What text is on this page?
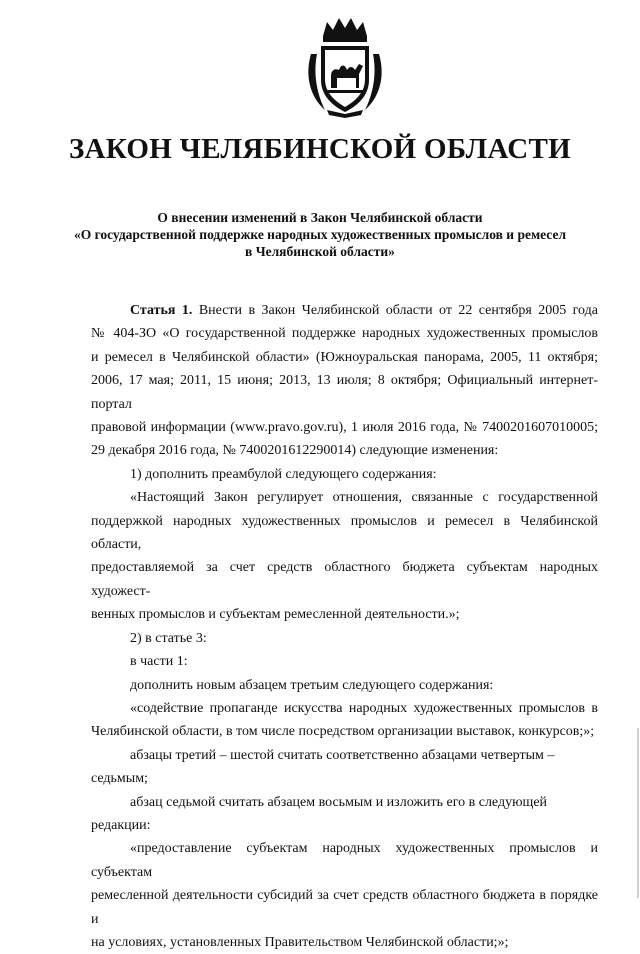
ЗАКОН ЧЕЛЯБИНСКОЙ ОБЛАСТИ
О внесении изменений в Закон Челябинской области
«О государственной поддержке народных художественных промыслов и ремесел
в Челябинской области»

Статья 1. Внести в Закон Челябинской области от 22 сентября 2005 года

№ 404-ЗО «О государственной поддержке народных художественных промыслов

и ремесел в Челябинской области» (Южноуральская панорама, 2005, 11 октября;

2006, 17 мая; 2011, 15 июня; 2013, 13 июля; 8 октября; Официальный интернет-портал

правовой информации (www.pravo.gov.ru), 1 июля 2016 года, № 7400201607010005;

29 декабря 2016 года, № 7400201612290014) следующие изменения:

1) дополнить преамбулой следующего содержания:

«Настоящий Закон регулирует отношения, связанные с государственной

поддержкой народных художественных промыслов и ремесел в Челябинской области,

предоставляемой за счет средств областного бюджета субъектам народных художест-

венных промыслов и субъектам ремесленной деятельности.»;

2) в статье 3:

в части 1:

дополнить новым абзацем третьим следующего содержания:

«содействие пропаганде искусства народных художественных промыслов в

Челябинской области, в том числе посредством организации выставок, конкурсов;»;

абзацы третий – шестой считать соответственно абзацами четвертым – седьмым;

абзац седьмой считать абзацем восьмым и изложить его в следующей редакции:

«предоставление субъектам народных художественных промыслов и субъектам

ремесленной деятельности субсидий за счет средств областного бюджета в порядке и

на условиях, установленных Правительством Челябинской области;»;
